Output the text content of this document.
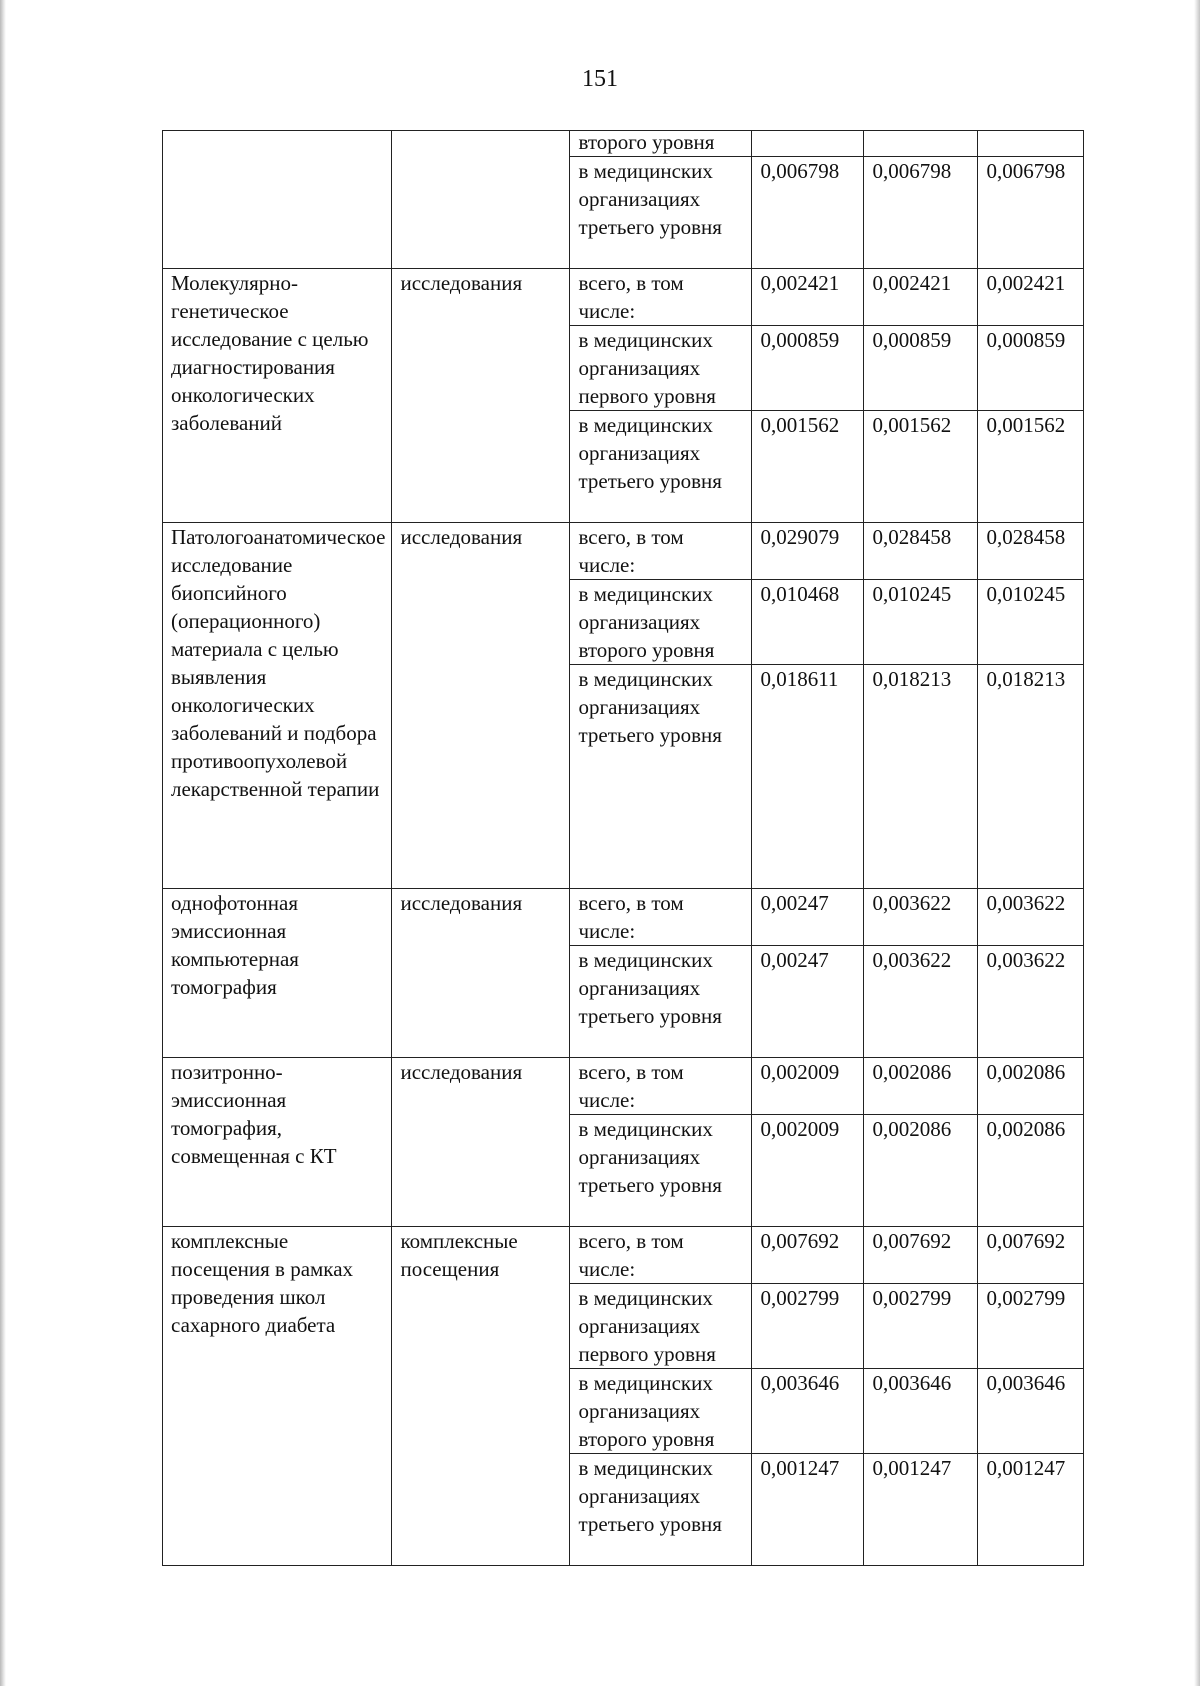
151
		второго уровня			
		в медицинских организациях третьего уровня	0,006798	0,006798	0,006798
Молекулярно-генетическое исследование с целью диагностирования онкологических заболеваний	исследования	всего, в том числе:	0,002421	0,002421	0,002421
		в медицинских организациях первого уровня	0,000859	0,000859	0,000859
		в медицинских организациях третьего уровня	0,001562	0,001562	0,001562
Патологоанатомическое исследование биопсийного (операционного) материала с целью выявления онкологических заболеваний и подбора противоопухолевой лекарственной терапии	исследования	всего, в том числе:	0,029079	0,028458	0,028458
		в медицинских организациях второго уровня	0,010468	0,010245	0,010245
		в медицинских организациях третьего уровня	0,018611	0,018213	0,018213
однофотонная эмиссионная компьютерная томография	исследования	всего, в том числе:	0,00247	0,003622	0,003622
		в медицинских организациях третьего уровня	0,00247	0,003622	0,003622
позитронно-эмиссионная томография, совмещенная с КТ	исследования	всего, в том числе:	0,002009	0,002086	0,002086
		в медицинских организациях третьего уровня	0,002009	0,002086	0,002086
комплексные посещения в рамках проведения школ сахарного диабета	комплексные посещения	всего, в том числе:	0,007692	0,007692	0,007692
		в медицинских организациях первого уровня	0,002799	0,002799	0,002799
		в медицинских организациях второго уровня	0,003646	0,003646	0,003646
		в медицинских организациях третьего уровня	0,001247	0,001247	0,001247
